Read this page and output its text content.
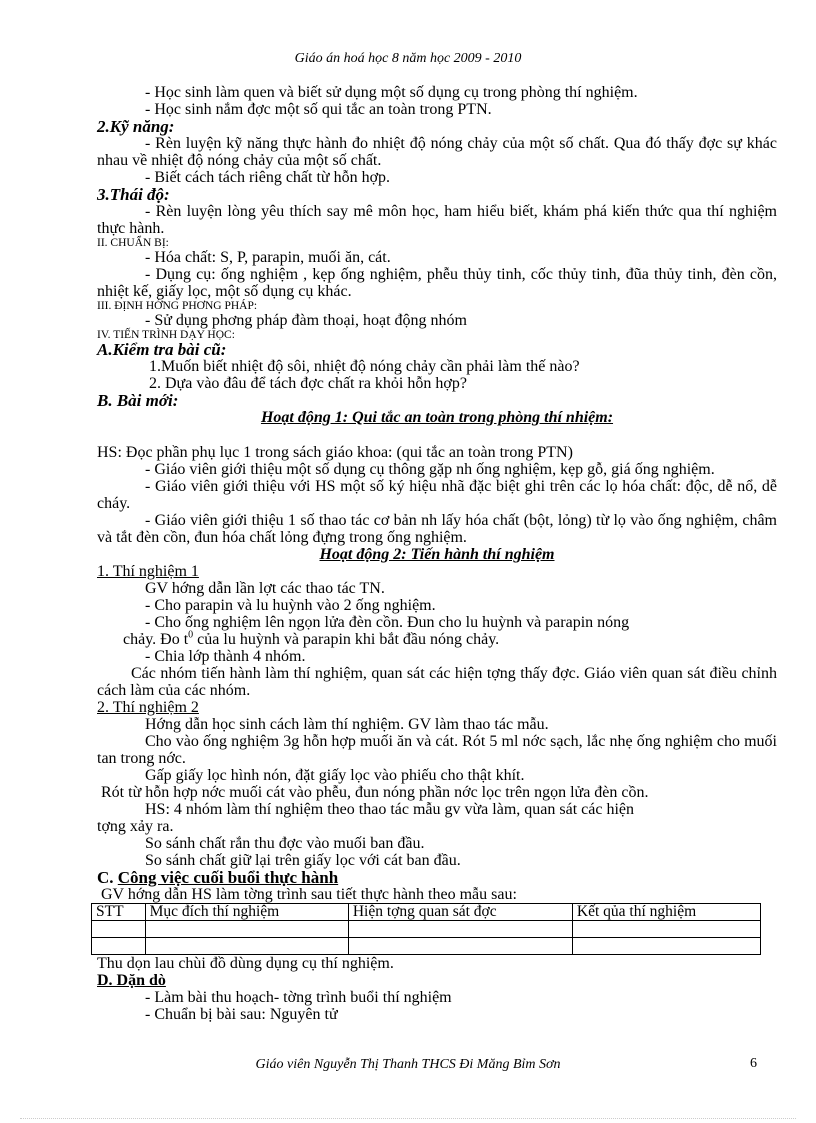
Giáo án hoá học 8 năm học 2009 - 2010
- Học sinh làm quen và biết sử dụng một số dụng cụ trong phòng thí nghiệm.
- Học sinh nắm đợc một số qui tắc an toàn trong PTN.
2.Kỹ năng:
- Rèn luyện kỹ năng thực hành đo nhiệt độ nóng chảy của một số chất. Qua đó thấy đợc sự khác nhau về nhiệt độ nóng chảy của một số chất.
- Biết cách tách riêng chất từ hỗn hợp.
3.Thái độ:
- Rèn luyện lòng yêu thích say mê môn học, ham hiểu biết, khám phá kiến thức qua thí nghiệm thực hành.
II. CHUẨN BỊ:
- Hóa chất: S, P, parapin, muối ăn, cát.
- Dụng cụ: ống nghiệm , kẹp ống nghiệm, phễu thủy tinh, cốc thủy tinh, đũa thủy tinh, đèn cồn, nhiệt kế, giấy lọc, một số dụng cụ khác.
III. ĐỊNH HỚNG PHƠNG PHÁP:
- Sử dụng phơng pháp đàm thoại, hoạt động nhóm
IV. TIẾN TRÌNH DẠY HỌC:
A.Kiểm tra bài cũ:
1.Muốn biết nhiệt độ sôi, nhiệt độ nóng chảy cần phải làm thế nào?
2. Dựa vào đâu để tách đợc chất ra khỏi hỗn hợp?
B. Bài mới:
Hoạt động 1: Qui tắc an toàn trong phòng thí nhiệm:
HS: Đọc phần phụ lục 1 trong sách giáo khoa: (qui tắc an toàn trong PTN)
- Giáo viên giới thiệu một số dụng cụ thông gặp nh ống nghiệm, kẹp gỗ, giá ống nghiệm.
- Giáo viên giới thiệu với HS một số ký hiệu nhã đặc biệt ghi trên các lọ hóa chất: độc, dễ nổ, dễ cháy.
- Giáo viên giới thiệu 1 số thao tác cơ bản nh lấy hóa chất (bột, lỏng) từ lọ vào ống nghiệm, châm và tắt đèn cồn, đun hóa chất lỏng đựng trong ống nghiệm.
Hoạt động 2: Tiến hành thí nghiệm
1. Thí nghiệm 1
GV hớng dẫn lần lợt các thao tác TN.
- Cho parapin và lu huỳnh vào 2 ống nghiệm.
- Cho ống nghiệm lên ngọn lửa đèn cồn. Đun cho lu huỳnh và parapin nóng
chảy. Đo $t^0$ của lu huỳnh và parapin khi bắt đầu nóng chảy.
- Chia lớp thành 4 nhóm.
Các nhóm tiến hành làm thí nghiệm, quan sát các hiện tợng thấy đợc. Giáo viên quan sát điều chỉnh cách làm của các nhóm.
2. Thí nghiệm 2
Hớng dẫn học sinh cách làm thí nghiệm. GV làm thao tác mẫu.
Cho vào ống nghiệm 3g hỗn hợp muối ăn và cát. Rót 5 ml nớc sạch, lắc nhẹ ống nghiệm cho muối tan trong nớc.
Gấp giấy lọc hình nón, đặt giấy lọc vào phiếu cho thật khít.
Rót từ hỗn hợp nớc muối cát vào phễu, đun nóng phần nớc lọc trên ngọn lửa đèn cồn.
HS: 4 nhóm làm thí nghiệm theo thao tác mẫu gv vừa làm, quan sát các hiện
tợng xảy ra.
So sánh chất rắn thu đợc vào muối ban đầu.
So sánh chất giữ lại trên giấy lọc với cát ban đầu.
C. Công việc cuối buổi thực hành
GV hớng dẫn HS làm tờng trình sau tiết thực hành theo mẫu sau:
STT	Mục đích thí nghiệm	Hiện tợng quan sát đợc	Kết qủa thí nghiệm

Thu dọn lau chùi đồ dùng dụng cụ thí nghiệm.
D. Dặn dò
- Làm bài thu hoạch- tờng trình buổi thí nghiệm
- Chuẩn bị bài sau: Nguyên tử
Giáo viên Nguyễn Thị Thanh THCS Đi Măng Bỉm Sơn	6
